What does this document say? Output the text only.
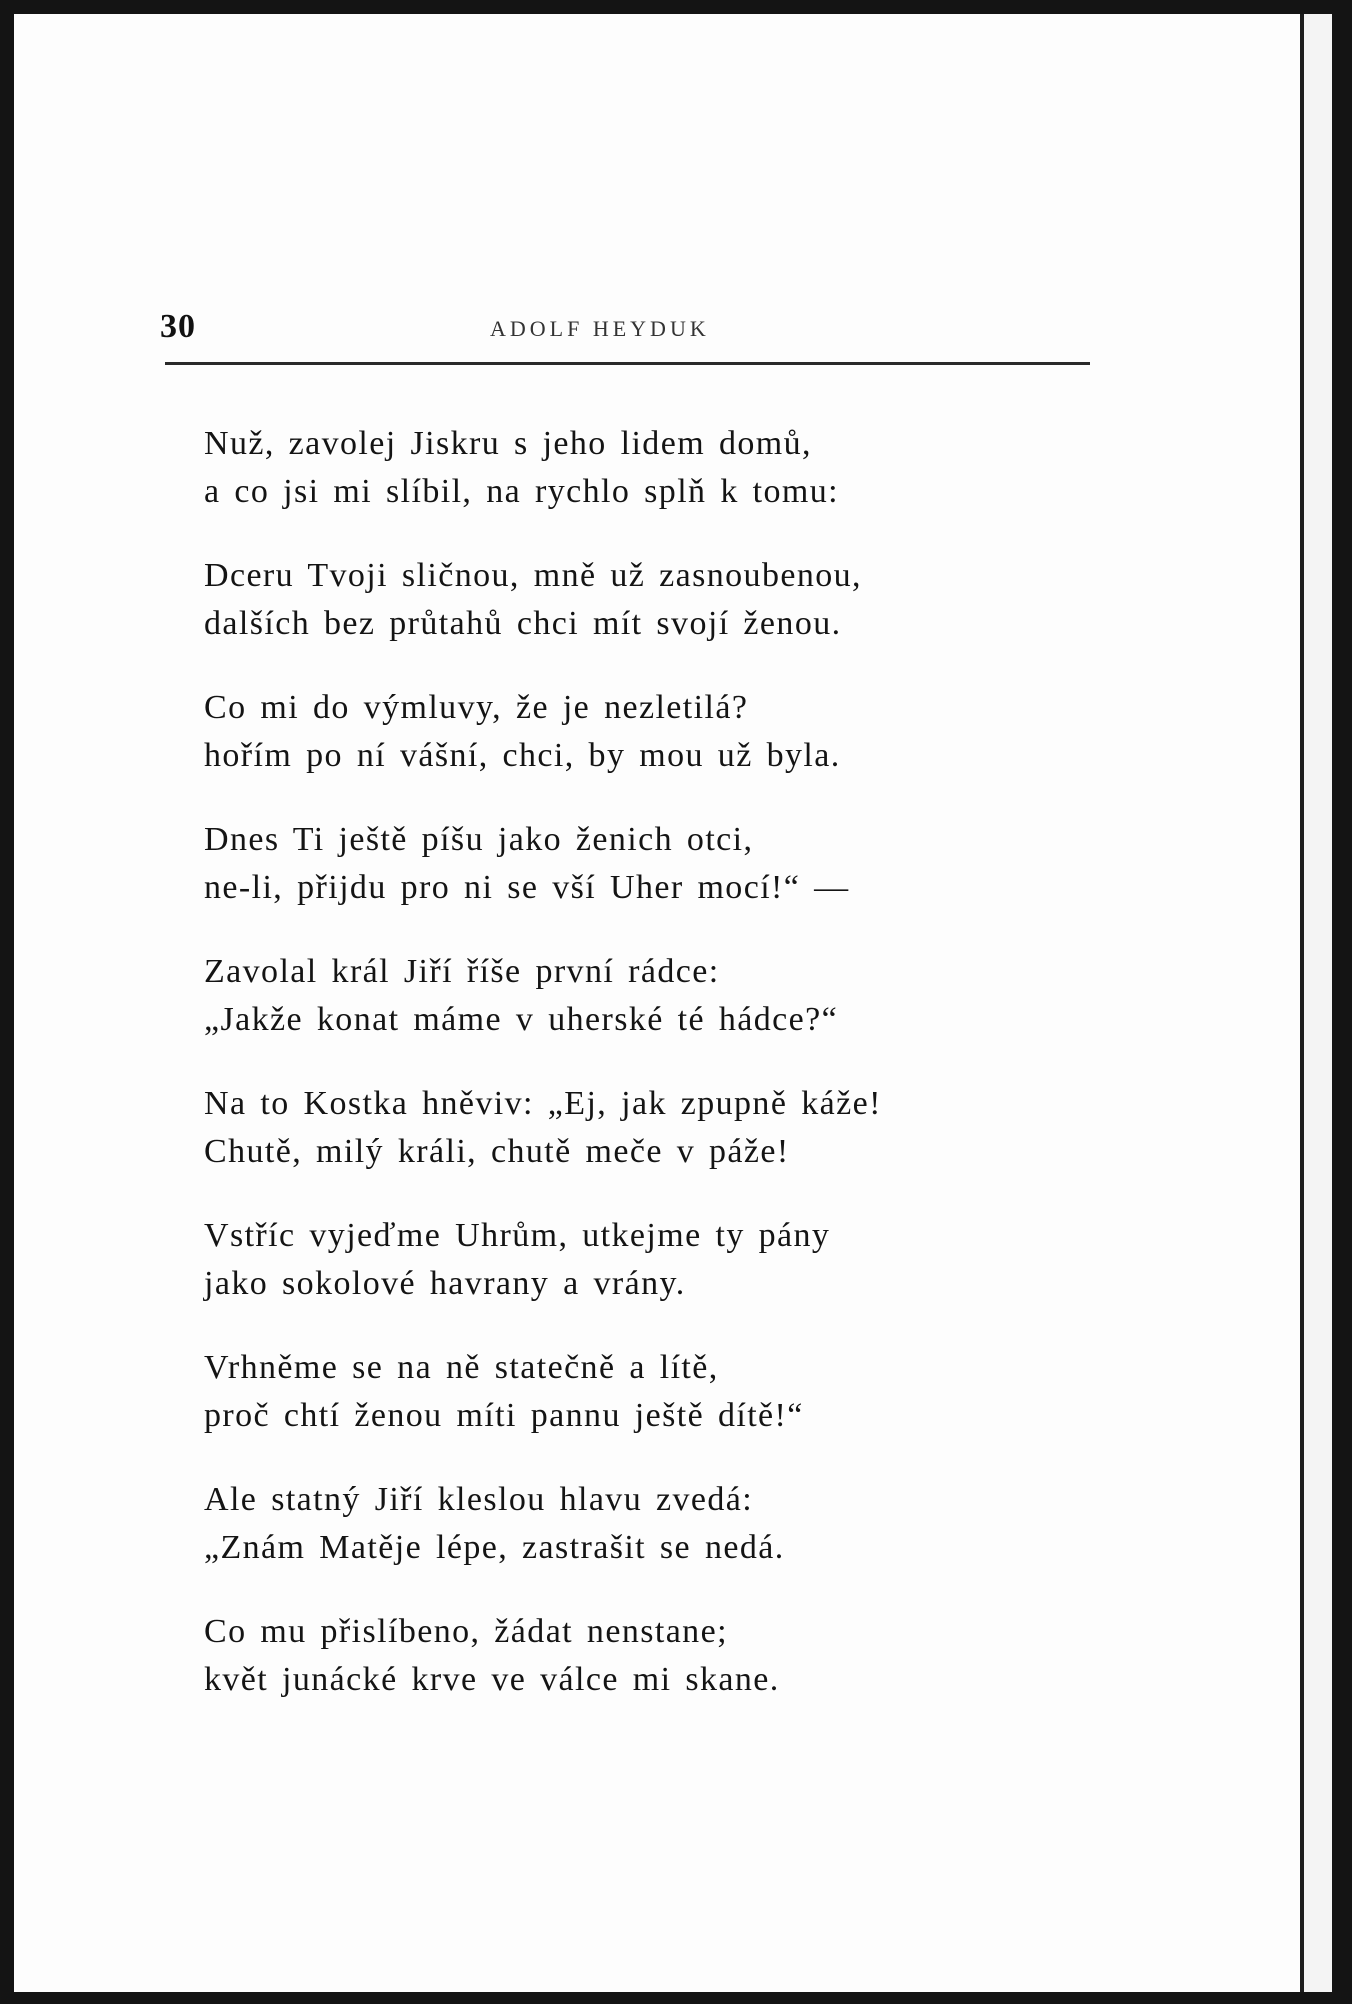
30	ADOLF HEYDUK
Nuž, zavolej Jiskru s jeho lidem domů,
a co jsi mi slíbil, na rychlo splň k tomu:
Dceru Tvoji sličnou, mně už zasnoubenou,
dalších bez průtahů chci mít svojí ženou.
Co mi do výmluvy, že je nezletilá?
hořím po ní vášní, chci, by mou už byla.
Dnes Ti ještě píšu jako ženich otci,
ne-li, přijdu pro ni se vší Uher mocí!“ —
Zavolal král Jiří říše první rádce:
„Jakže konat máme v uherské té hádce?“
Na to Kostka hněviv: „Ej, jak zpupně káže!
Chutě, milý králi, chutě meče v páže!
Vstříc vyjeďme Uhrům, utkejme ty pány
jako sokolové havrany a vrány.
Vrhněme se na ně statečně a lítě,
proč chtí ženou míti pannu ještě dítě!“
Ale statný Jiří kleslou hlavu zvedá:
„Znám Matěje lépe, zastrašit se nedá.
Co mu přislíbeno, žádat nenstane;
květ junácké krve ve válce mi skane.
